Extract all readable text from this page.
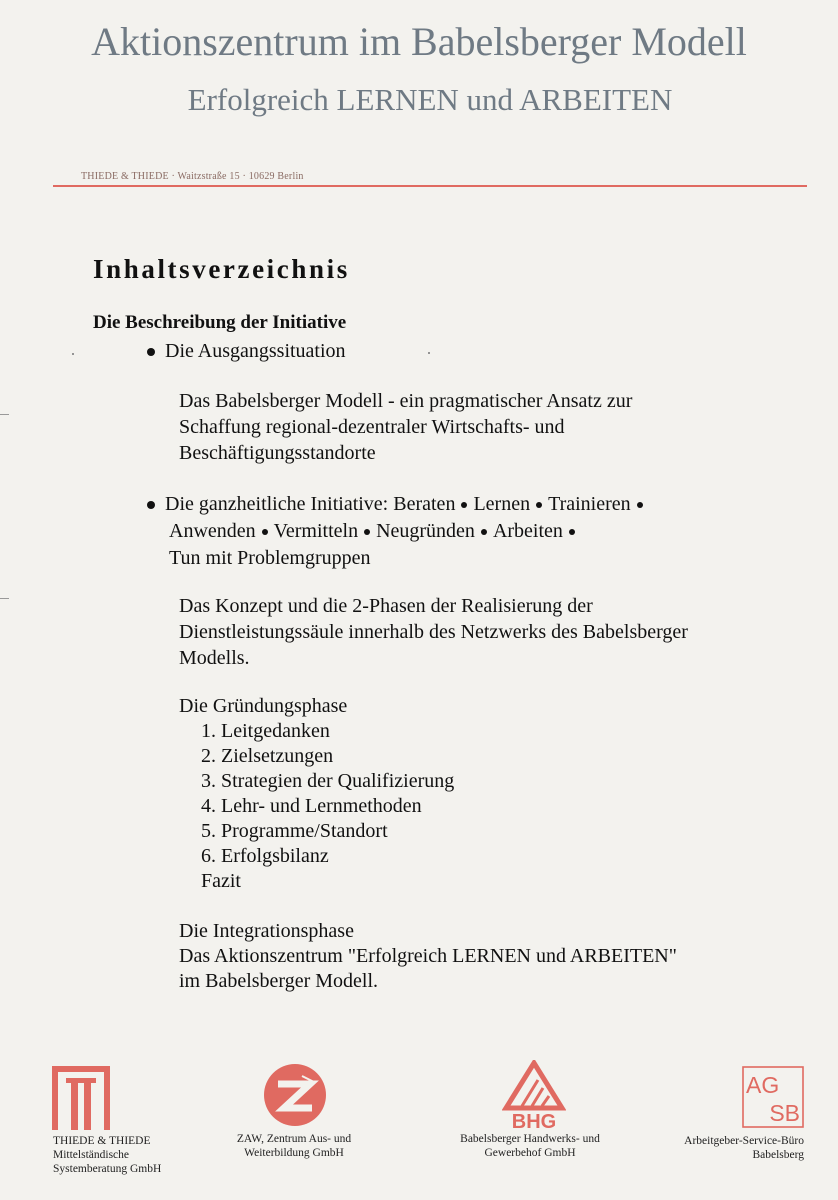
Aktionszentrum im Babelsberger Modell
Erfolgreich LERNEN und ARBEITEN
THIEDE & THIEDE · Waitzstraße 15 · 10629 Berlin
Inhaltsverzeichnis
Die Beschreibung der Initiative
Die Ausgangssituation
Das Babelsberger Modell - ein pragmatischer Ansatz zur
Schaffung regional-dezentraler Wirtschafts- und
Beschäftigungsstandorte
Die ganzheitliche Initiative: Beraten Lernen Trainieren
Anwenden Vermitteln Neugründen Arbeiten
Tun mit Problemgruppen
Das Konzept und die 2-Phasen der Realisierung der
Dienstleistungssäule innerhalb des Netzwerks des Babelsberger
Modells.
Die Gründungsphase
1. Leitgedanken
2. Zielsetzungen
3. Strategien der Qualifizierung
4. Lehr- und Lernmethoden
5. Programme/Standort
6. Erfolgsbilanz
Fazit
Die Integrationsphase
Das Aktionszentrum "Erfolgreich LERNEN und ARBEITEN"
im Babelsberger Modell.
THIEDE & THIEDE
Mittelständische
Systemberatung GmbH
ZAW, Zentrum Aus- und
Weiterbildung GmbH
BHG
Babelsberger Handwerks- und
Gewerbehof GmbH
AG
SB
Arbeitgeber-Service-Büro
Babelsberg
